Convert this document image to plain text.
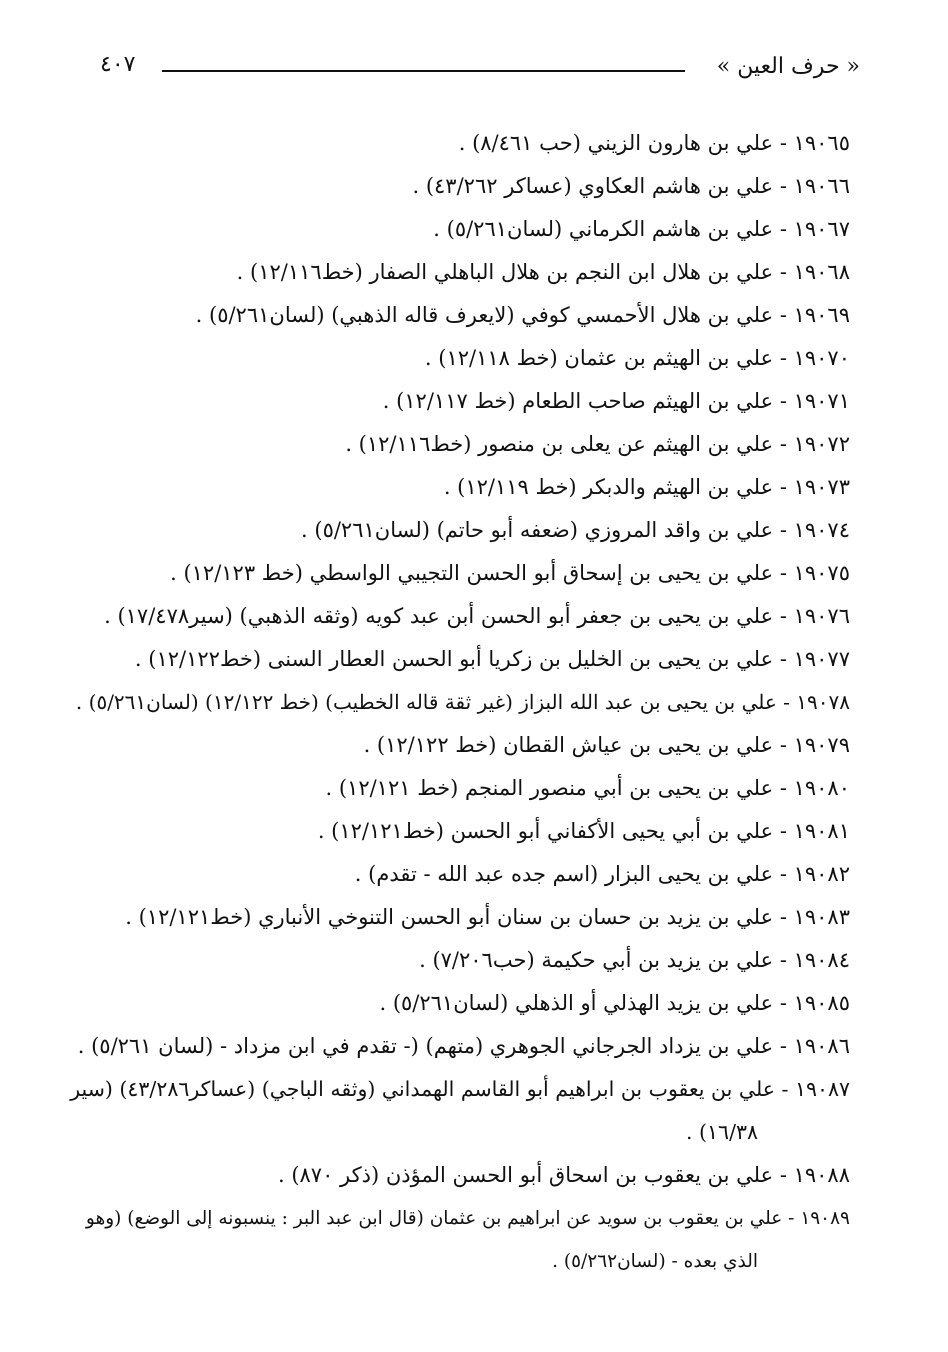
« حرف العين »
٤٠٧
١٩٠٦٥ - علي بن هارون الزيني (حب ٨/٤٦١) .
١٩٠٦٦ - علي بن هاشم العكاوي (عساكر ٤٣/٢٦٢) .
١٩٠٦٧ - علي بن هاشم الكرماني (لسان٥/٢٦١) .
١٩٠٦٨ - علي بن هلال ابن النجم بن هلال الباهلي الصفار (خط١٢/١١٦) .
١٩٠٦٩ - علي بن هلال الأحمسي كوفي (لايعرف قاله الذهبي) (لسان٥/٢٦١) .
١٩٠٧٠ - علي بن الهيثم بن عثمان (خط ١٢/١١٨) .
١٩٠٧١ - علي بن الهيثم صاحب الطعام (خط ١٢/١١٧) .
١٩٠٧٢ - علي بن الهيثم عن يعلى بن منصور (خط١٢/١١٦) .
١٩٠٧٣ - علي بن الهيثم والدبكر (خط ١٢/١١٩) .
١٩٠٧٤ - علي بن واقد المروزي (ضعفه أبو حاتم) (لسان٥/٢٦١) .
١٩٠٧٥ - علي بن يحيى بن إسحاق أبو الحسن التجيبي الواسطي (خط ١٢/١٢٣) .
١٩٠٧٦ - علي بن يحيى بن جعفر أبو الحسن أبن عبد كويه (وثقه الذهبي) (سير١٧/٤٧٨) .
١٩٠٧٧ - علي بن يحيى بن الخليل بن زكريا أبو الحسن العطار السنى (خط١٢/١٢٢) .
١٩٠٧٨ - علي بن يحيى بن عبد الله البزاز (غير ثقة قاله الخطيب) (خط ١٢/١٢٢) (لسان٥/٢٦١) .
١٩٠٧٩ - علي بن يحيى بن عياش القطان (خط ١٢/١٢٢) .
١٩٠٨٠ - علي بن يحيى بن أبي منصور المنجم (خط ١٢/١٢١) .
١٩٠٨١ - علي بن أبي يحيى الأكفاني أبو الحسن (خط١٢/١٢١) .
١٩٠٨٢ - علي بن يحيى البزار (اسم جده عبد الله - تقدم) .
١٩٠٨٣ - علي بن يزيد بن حسان بن سنان أبو الحسن التنوخي الأنباري (خط١٢/١٢١) .
١٩٠٨٤ - علي بن يزيد بن أبي حكيمة (حب٧/٢٠٦) .
١٩٠٨٥ - علي بن يزيد الهذلي أو الذهلي (لسان٥/٢٦١) .
١٩٠٨٦ - علي بن يزداد الجرجاني الجوهري (متهم) (- تقدم في ابن مزداد - (لسان ٥/٢٦١) .
١٩٠٨٧ - علي بن يعقوب بن ابراهيم أبو القاسم الهمداني (وثقه الباجي) (عساكر٤٣/٢٨٦) (سير
١٦/٣٨) .
١٩٠٨٨ - علي بن يعقوب بن اسحاق أبو الحسن المؤذن (ذكر ٨٧٠) .
١٩٠٨٩ - علي بن يعقوب بن سويد عن ابراهيم بن عثمان (قال ابن عبد البر : ينسبونه إلى الوضع) (وهو
الذي بعده - (لسان٥/٢٦٢) .
